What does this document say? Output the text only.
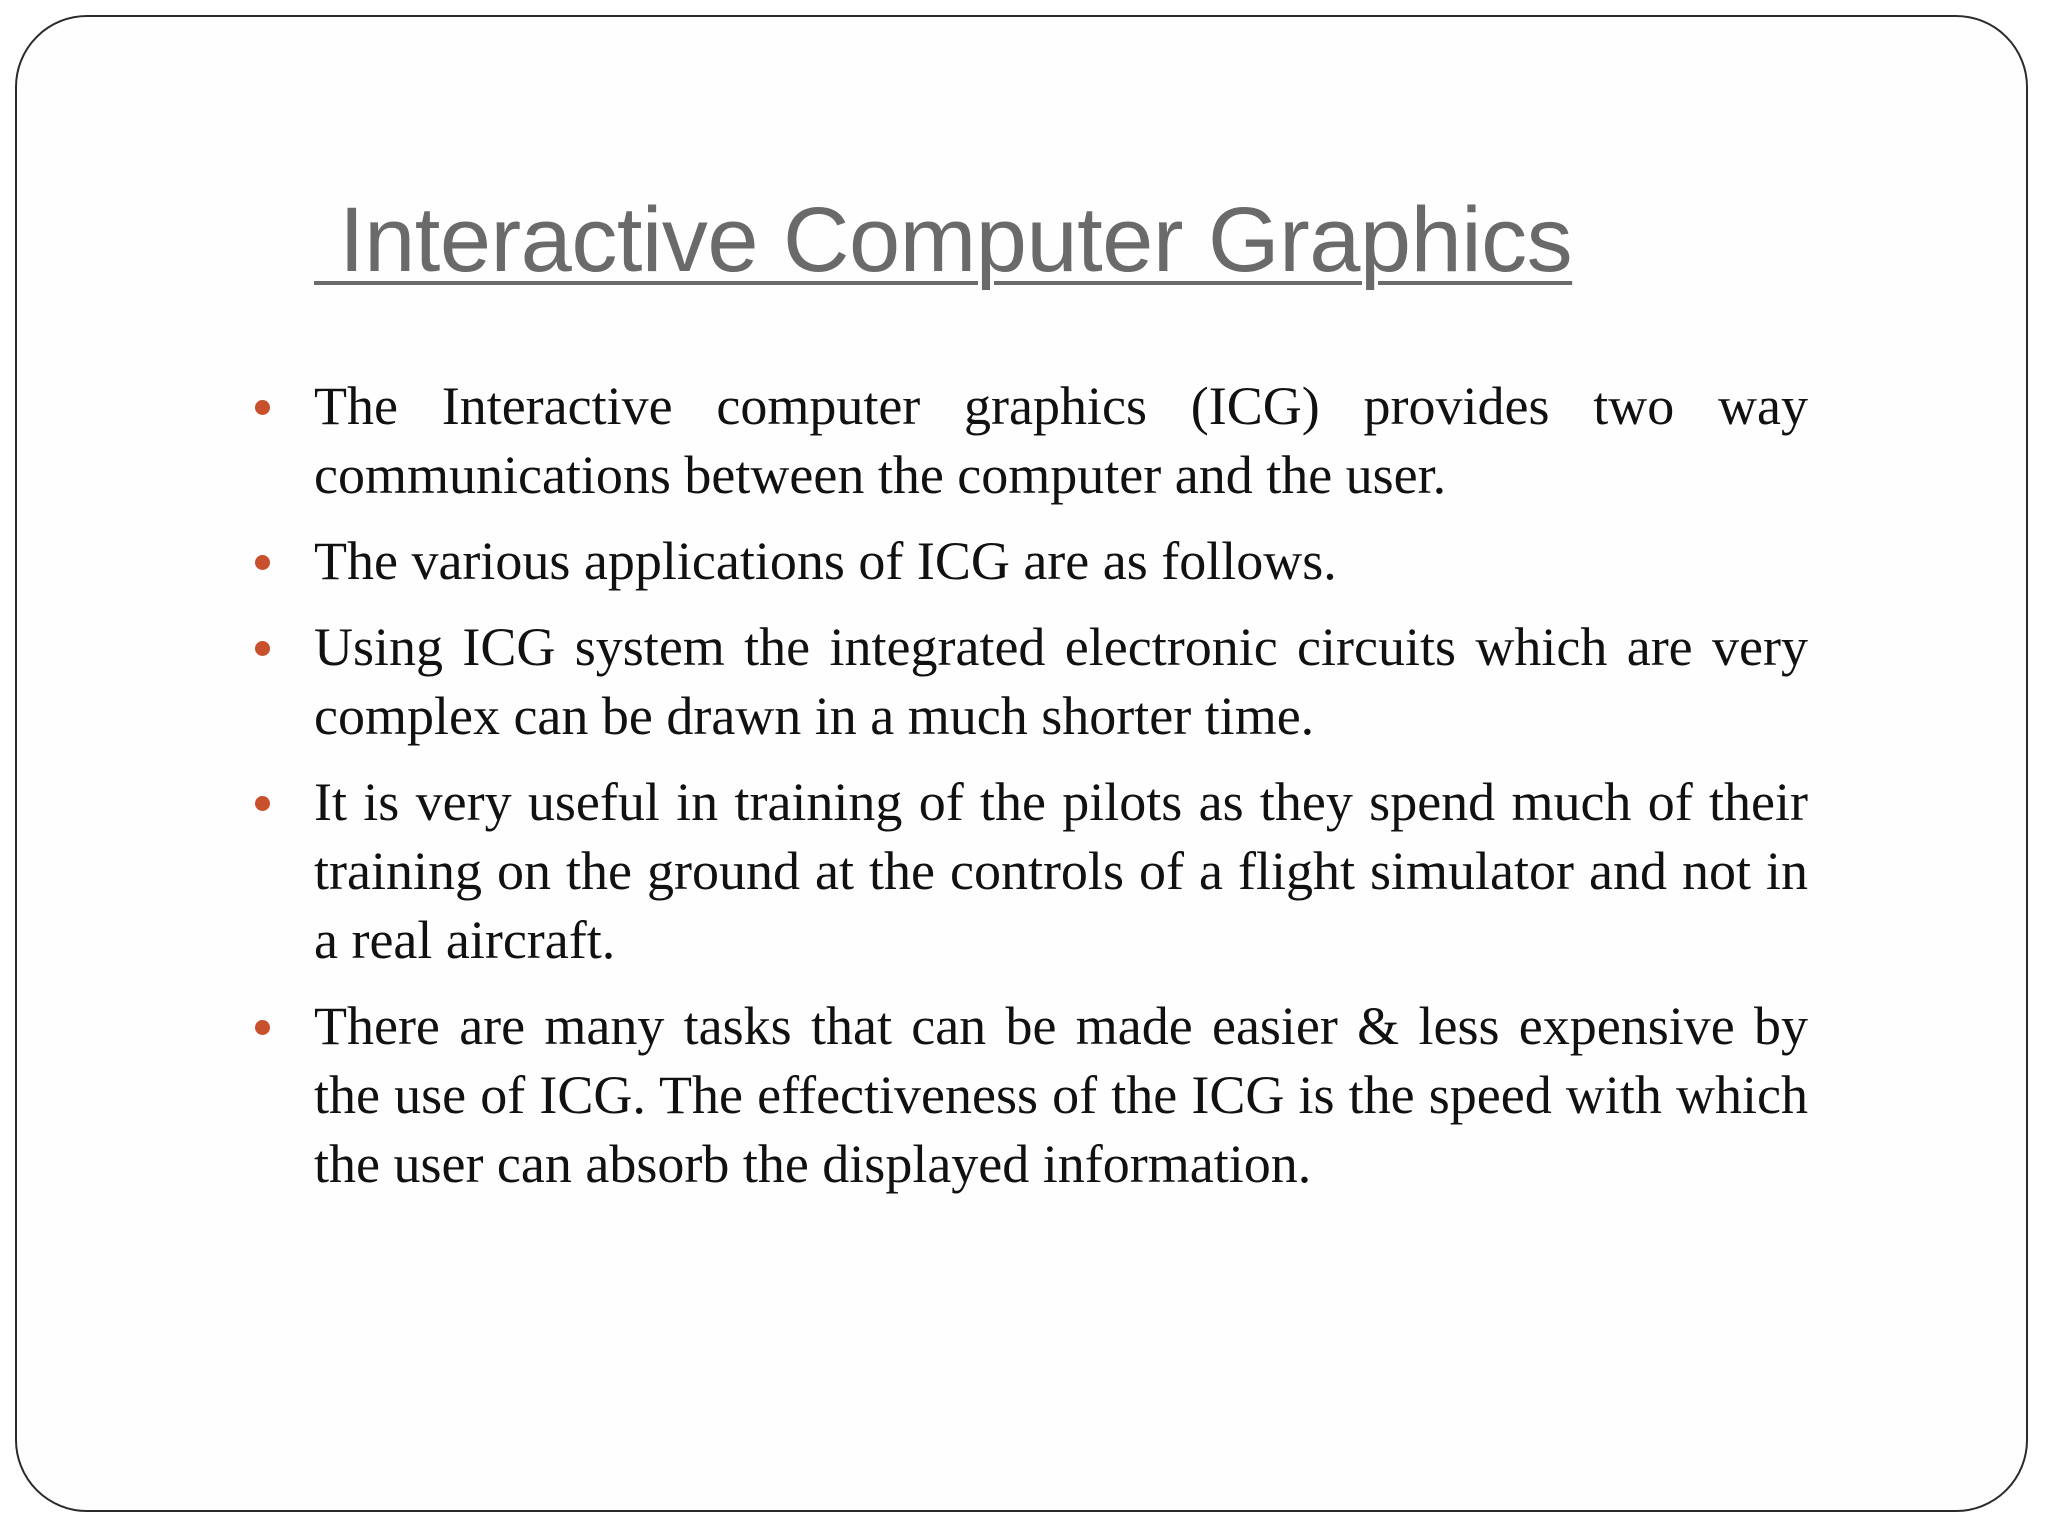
Interactive Computer Graphics
The Interactive computer graphics (ICG) provides two way communications between the computer and the user.
The various applications of ICG are as follows.
Using ICG system the integrated electronic circuits which are very complex can be drawn in a much shorter time.
It is very useful in training of the pilots as they spend much of their training on the ground at the controls of a flight simulator and not in a real aircraft.
There are many tasks that can be made easier & less expensive by the use of ICG. The effectiveness of the ICG is the speed with which the user can absorb the displayed information.
